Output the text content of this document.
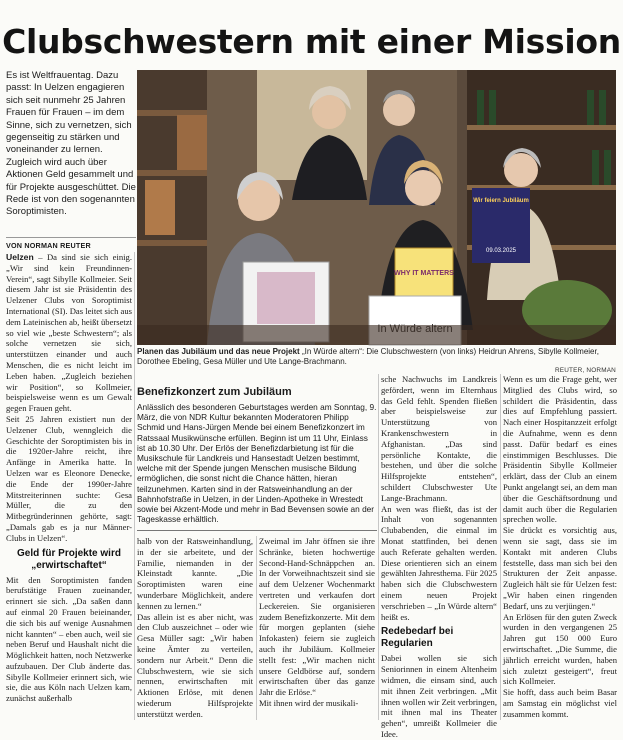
Clubschwestern mit einer Mission
Es ist Weltfrauentag. Dazu passt: In Uelzen engagieren sich seit nunmehr 25 Jahren Frauen für Frauen – im dem Sinne, sich zu vernetzen, sich gegenseitig zu stärken und voneinander zu lernen. Zugleich wird auch über Aktionen Geld gesammelt und für Projekte ausgeschüttet. Die Rede ist von den sogenannten Soroptimisten.
VON NORMAN REUTER

Uelzen – Da sind sie sich einig. „Wir sind kein Freundinnen-Verein“, sagt Sibylle Kollmeier. Seit diesem Jahr ist sie Präsidentin des Uelzener Clubs von Soroptimist International (SI). Das leitet sich aus dem Lateinischen ab, heißt übersetzt so viel wie „beste Schwestern“; als solche vernetzen sie sich, unterstützen einander und auch Menschen, die es nicht leicht im Leben haben. „Zugleich beziehen wir Position“, so Kollmeier, beispielsweise wenn es um Gewalt gegen Frauen geht.

Seit 25 Jahren existiert nun der Uelzener Club, wenngleich die Geschichte der Soroptimisten bis in die 1920er-Jahre reicht, ihre Anfänge in Amerika hatte. In Uelzen war es Eleonore Denecke, die Ende der 1990er-Jahre Mitstreiterinnen suchte: Gesa Müller, die zu den Mitbegründerinnen gehörte, sagt: „Damals gab es ja nur Männer-Clubs in Uelzen“.

Geld für Projekte wird „erwirtschaftet“

Mit den Soroptimisten fanden berufstätige Frauen zueinander, erinnert sie sich. „Da saßen dann auf einmal 20 Frauen beieinander, die sich bis auf wenige Ausnahmen nicht kannten“ – eben auch, weil sie neben Beruf und Haushalt nicht die Möglichkeit hatten, noch Netzwerke aufzubauen. Der Club änderte das. Sibylle Kollmeier erinnert sich, wie sie, die aus Köln nach Uelzen kam, zunächst außerhalb

WHY IT MATTERS
Wir feiern Jubiläum
09.03.2025
Planen das Jubiläum und das neue Projekt „In Würde altern“: Die Clubschwestern (von links) Heidrun Ahrens, Sibylle Kollmeier, Dorothee Ebeling, Gesa Müller und Ute Lange-Brachmann.
REUTER, NORMAN
Benefizkonzert zum Jubiläum
Anlässlich des besonderen Geburtstages werden am Sonntag, 9. März, die von NDR Kultur bekannten Moderatoren Philipp Schmid und Hans-Jürgen Mende bei einem Benefizkonzert im Ratssaal Musikwünsche erfüllen. Beginn ist um 11 Uhr, Einlass ist ab 10.30 Uhr. Der Erlös der Benefizdarbietung ist für die Musikschule für Landkreis und Hansestadt Uelzen bestimmt, welche mit der Spende jungen Menschen musische Bildung ermöglichen, die sonst nicht die Chance hätten, hieran teilzunehmen. Karten sind in der Ratsweinhandlung an der Bahnhofstraße in Uelzen, in der Linden-Apotheke in Wrestedt sowie bei Akzent-Mode und mehr in Bad Bevensen sowie an der Tageskasse erhältlich.

sche Nachwuchs im Landkreis gefördert, wenn im Elternhaus das Geld fehlt. Spenden fließen aber beispielsweise zur Unterstützung von Krankenschwestern in Afghanistan. „Das sind persönliche Kontakte, die bestehen, und über die solche Hilfsprojekte entstehen“, schildert Clubschwester Ute Lange-Brachmann.

An wen was fließt, das ist der Inhalt von sogenannten Clubabenden, die einmal im Monat stattfinden, bei denen auch Referate gehalten werden. Diese orientieren sich an einem gewählten Jahresthema. Für 2025 haben sich die Clubschwestern einem neuen Projekt verschrieben – „In Würde altern“ heißt es.

Redebedarf bei Regularien

Dabei wollen sie sich Seniorinnen in einem Altenheim widmen, die einsam sind, auch mit ihnen Zeit verbringen. „Mit ihnen wollen wir Zeit verbringen, mit ihnen mal ins Theater gehen“, umreißt Kollmeier die Idee.

Wenn es um die Frage geht, wer Mitglied des Clubs wird, so schildert die Präsidentin, dass dies auf Empfehlung passiert. Nach einer Hospitanzzeit erfolgt die Aufnahme, wenn es denn passt. Dafür bedarf es eines einstimmigen Beschlusses. Die Präsidentin Sibylle Kollmeier erklärt, dass der Club an einem Punkt angelangt sei, an dem man über die Geschäftsordnung und damit auch über die Regularien sprechen wolle.

Sie drückt es vorsichtig aus, wenn sie sagt, dass sie im Kontakt mit anderen Clubs feststelle, dass man sich bei den Strukturen der Zeit anpasse. Zugleich hält sie für Uelzen fest: „Wir haben einen ringenden Bedarf, uns zu verjüngen.“

An Erlösen für den guten Zweck wurden in den vergangenen 25 Jahren gut 150 000 Euro erwirtschaftet. „Die Summe, die jährlich erreicht wurden, haben sich zuletzt gesteigert“, freut sich Kollmeier.

Sie hofft, dass auch beim Basar am Samstag ein möglichst viel zusammen kommt.

halb von der Ratsweinhandlung, in der sie arbeitete, und der Familie, niemanden in der Kleinstadt kannte. „Die Soroptimisten waren eine wunderbare Möglichkeit, andere kennen zu lernen.“

Das allein ist es aber nicht, was den Club auszeichnet – oder wie Gesa Müller sagt: „Wir haben keine Ämter zu verteilen, sondern nur Arbeit.“ Denn die Clubschwestern, wie sie sich nennen, erwirtschaften mit Aktionen Erlöse, mit denen wiederum Hilfsprojekte unterstützt werden.

Zweimal im Jahr öffnen sie ihre Schränke, bieten hochwertige Second-Hand-Schnäppchen an. In der Vorweihnachtszeit sind sie auf dem Uelzener Wochenmarkt vertreten und verkaufen dort Leckereien. Sie organisieren zudem Benefizkonzerte. Mit dem für morgen geplanten (siehe Infokasten) feiern sie zugleich auch ihr Jubiläum. Kollmeier stellt fest: „Wir machen nicht unsere Geldbörse auf, sondern erwirtschaften über das ganze Jahr die Erlöse.“

Mit ihnen wird der musikali-
